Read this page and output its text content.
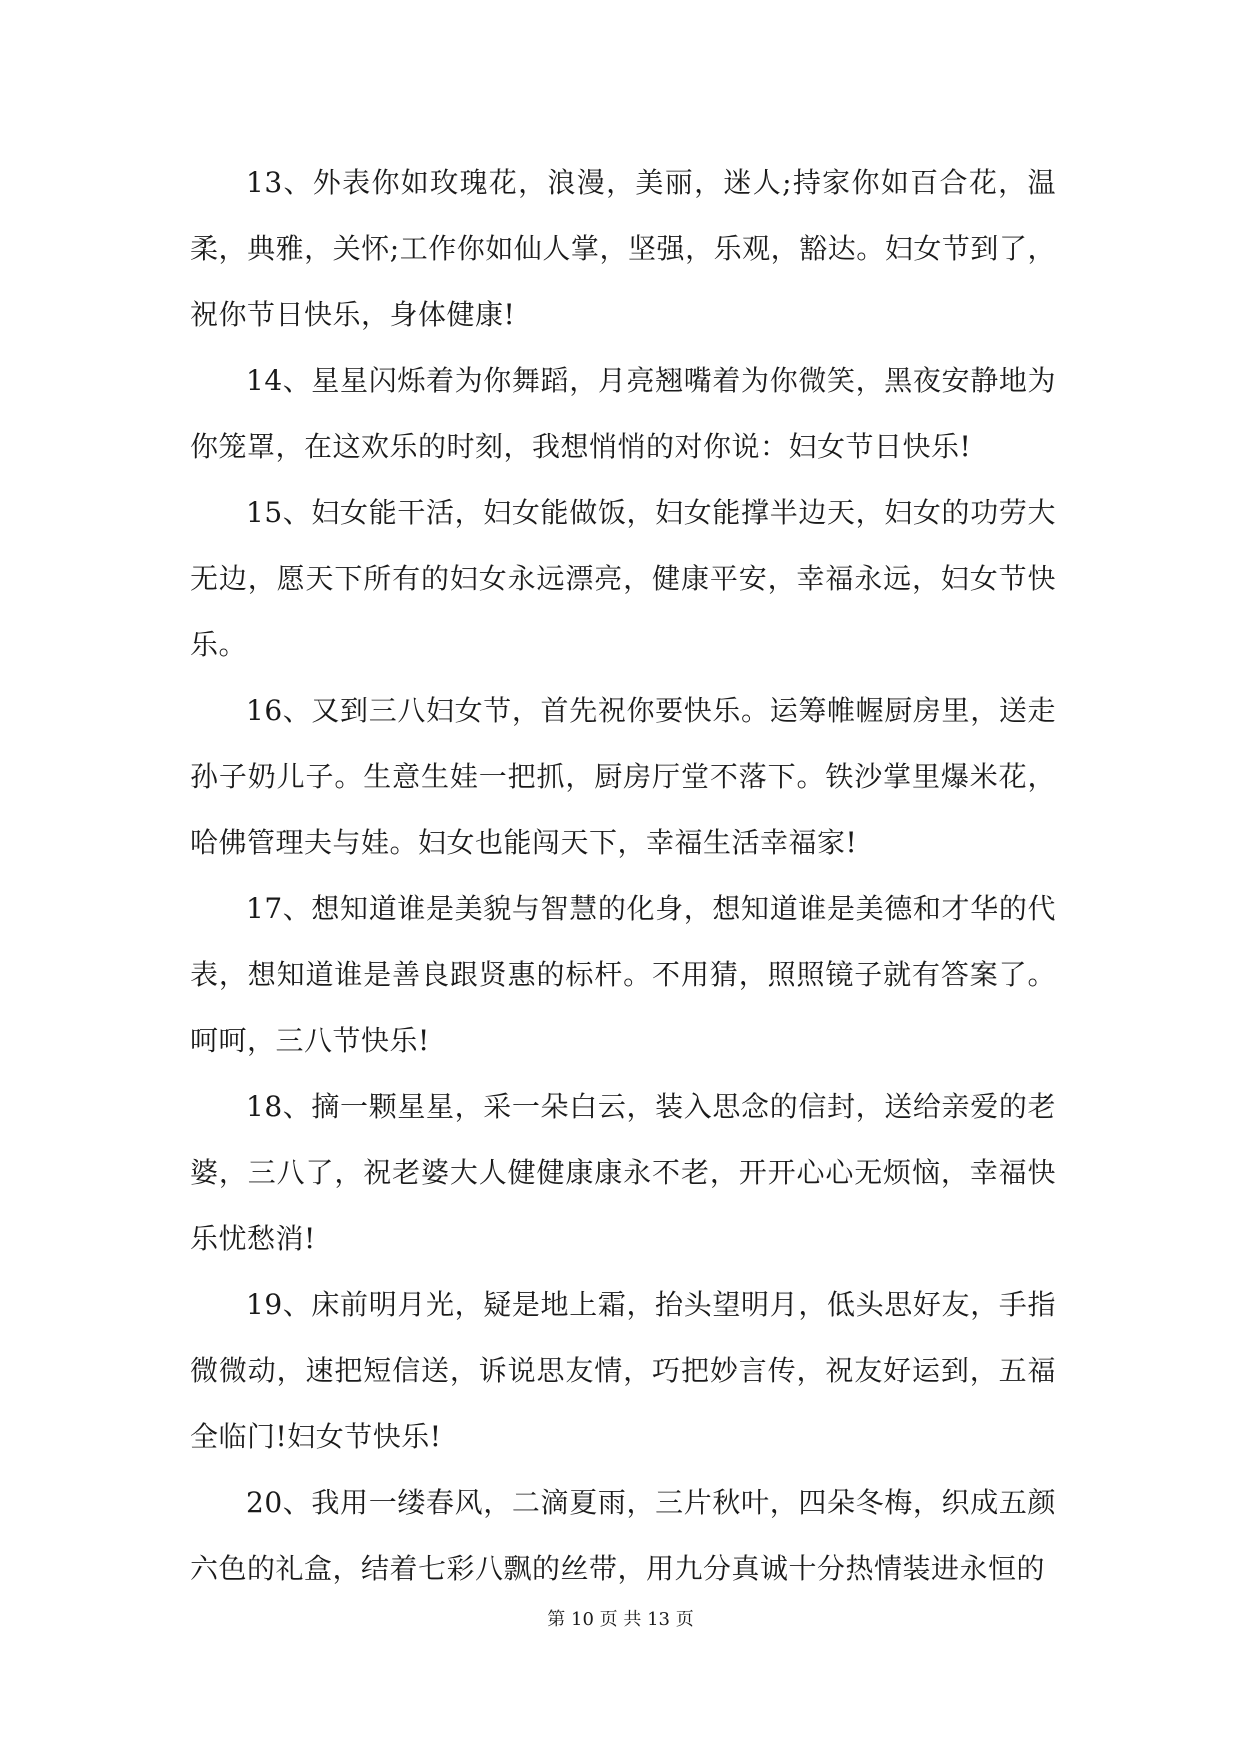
13、外表你如玫瑰花，浪漫，美丽，迷人;持家你如百合花，温柔，典雅，关怀;工作你如仙人掌，坚强，乐观，豁达。妇女节到了，祝你节日快乐，身体健康!

14、星星闪烁着为你舞蹈，月亮翘嘴着为你微笑，黑夜安静地为你笼罩，在这欢乐的时刻，我想悄悄的对你说：妇女节日快乐!

15、妇女能干活，妇女能做饭，妇女能撑半边天，妇女的功劳大无边，愿天下所有的妇女永远漂亮，健康平安，幸福永远，妇女节快乐。

16、又到三八妇女节，首先祝你要快乐。运筹帷幄厨房里，送走孙子奶儿子。生意生娃一把抓，厨房厅堂不落下。铁沙掌里爆米花，哈佛管理夫与娃。妇女也能闯天下，幸福生活幸福家!

17、想知道谁是美貌与智慧的化身，想知道谁是美德和才华的代表，想知道谁是善良跟贤惠的标杆。不用猜，照照镜子就有答案了。呵呵，三八节快乐!

18、摘一颗星星，采一朵白云，装入思念的信封，送给亲爱的老婆，三八了，祝老婆大人健健康康永不老，开开心心无烦恼，幸福快乐忧愁消!

19、床前明月光，疑是地上霜，抬头望明月，低头思好友，手指微微动，速把短信送，诉说思友情，巧把妙言传，祝友好运到，五福全临门!妇女节快乐!

20、我用一缕春风，二滴夏雨，三片秋叶，四朵冬梅，织成五颜六色的礼盒，结着七彩八飘的丝带，用九分真诚十分热情装进永恒的

第 10 页 共 13 页
